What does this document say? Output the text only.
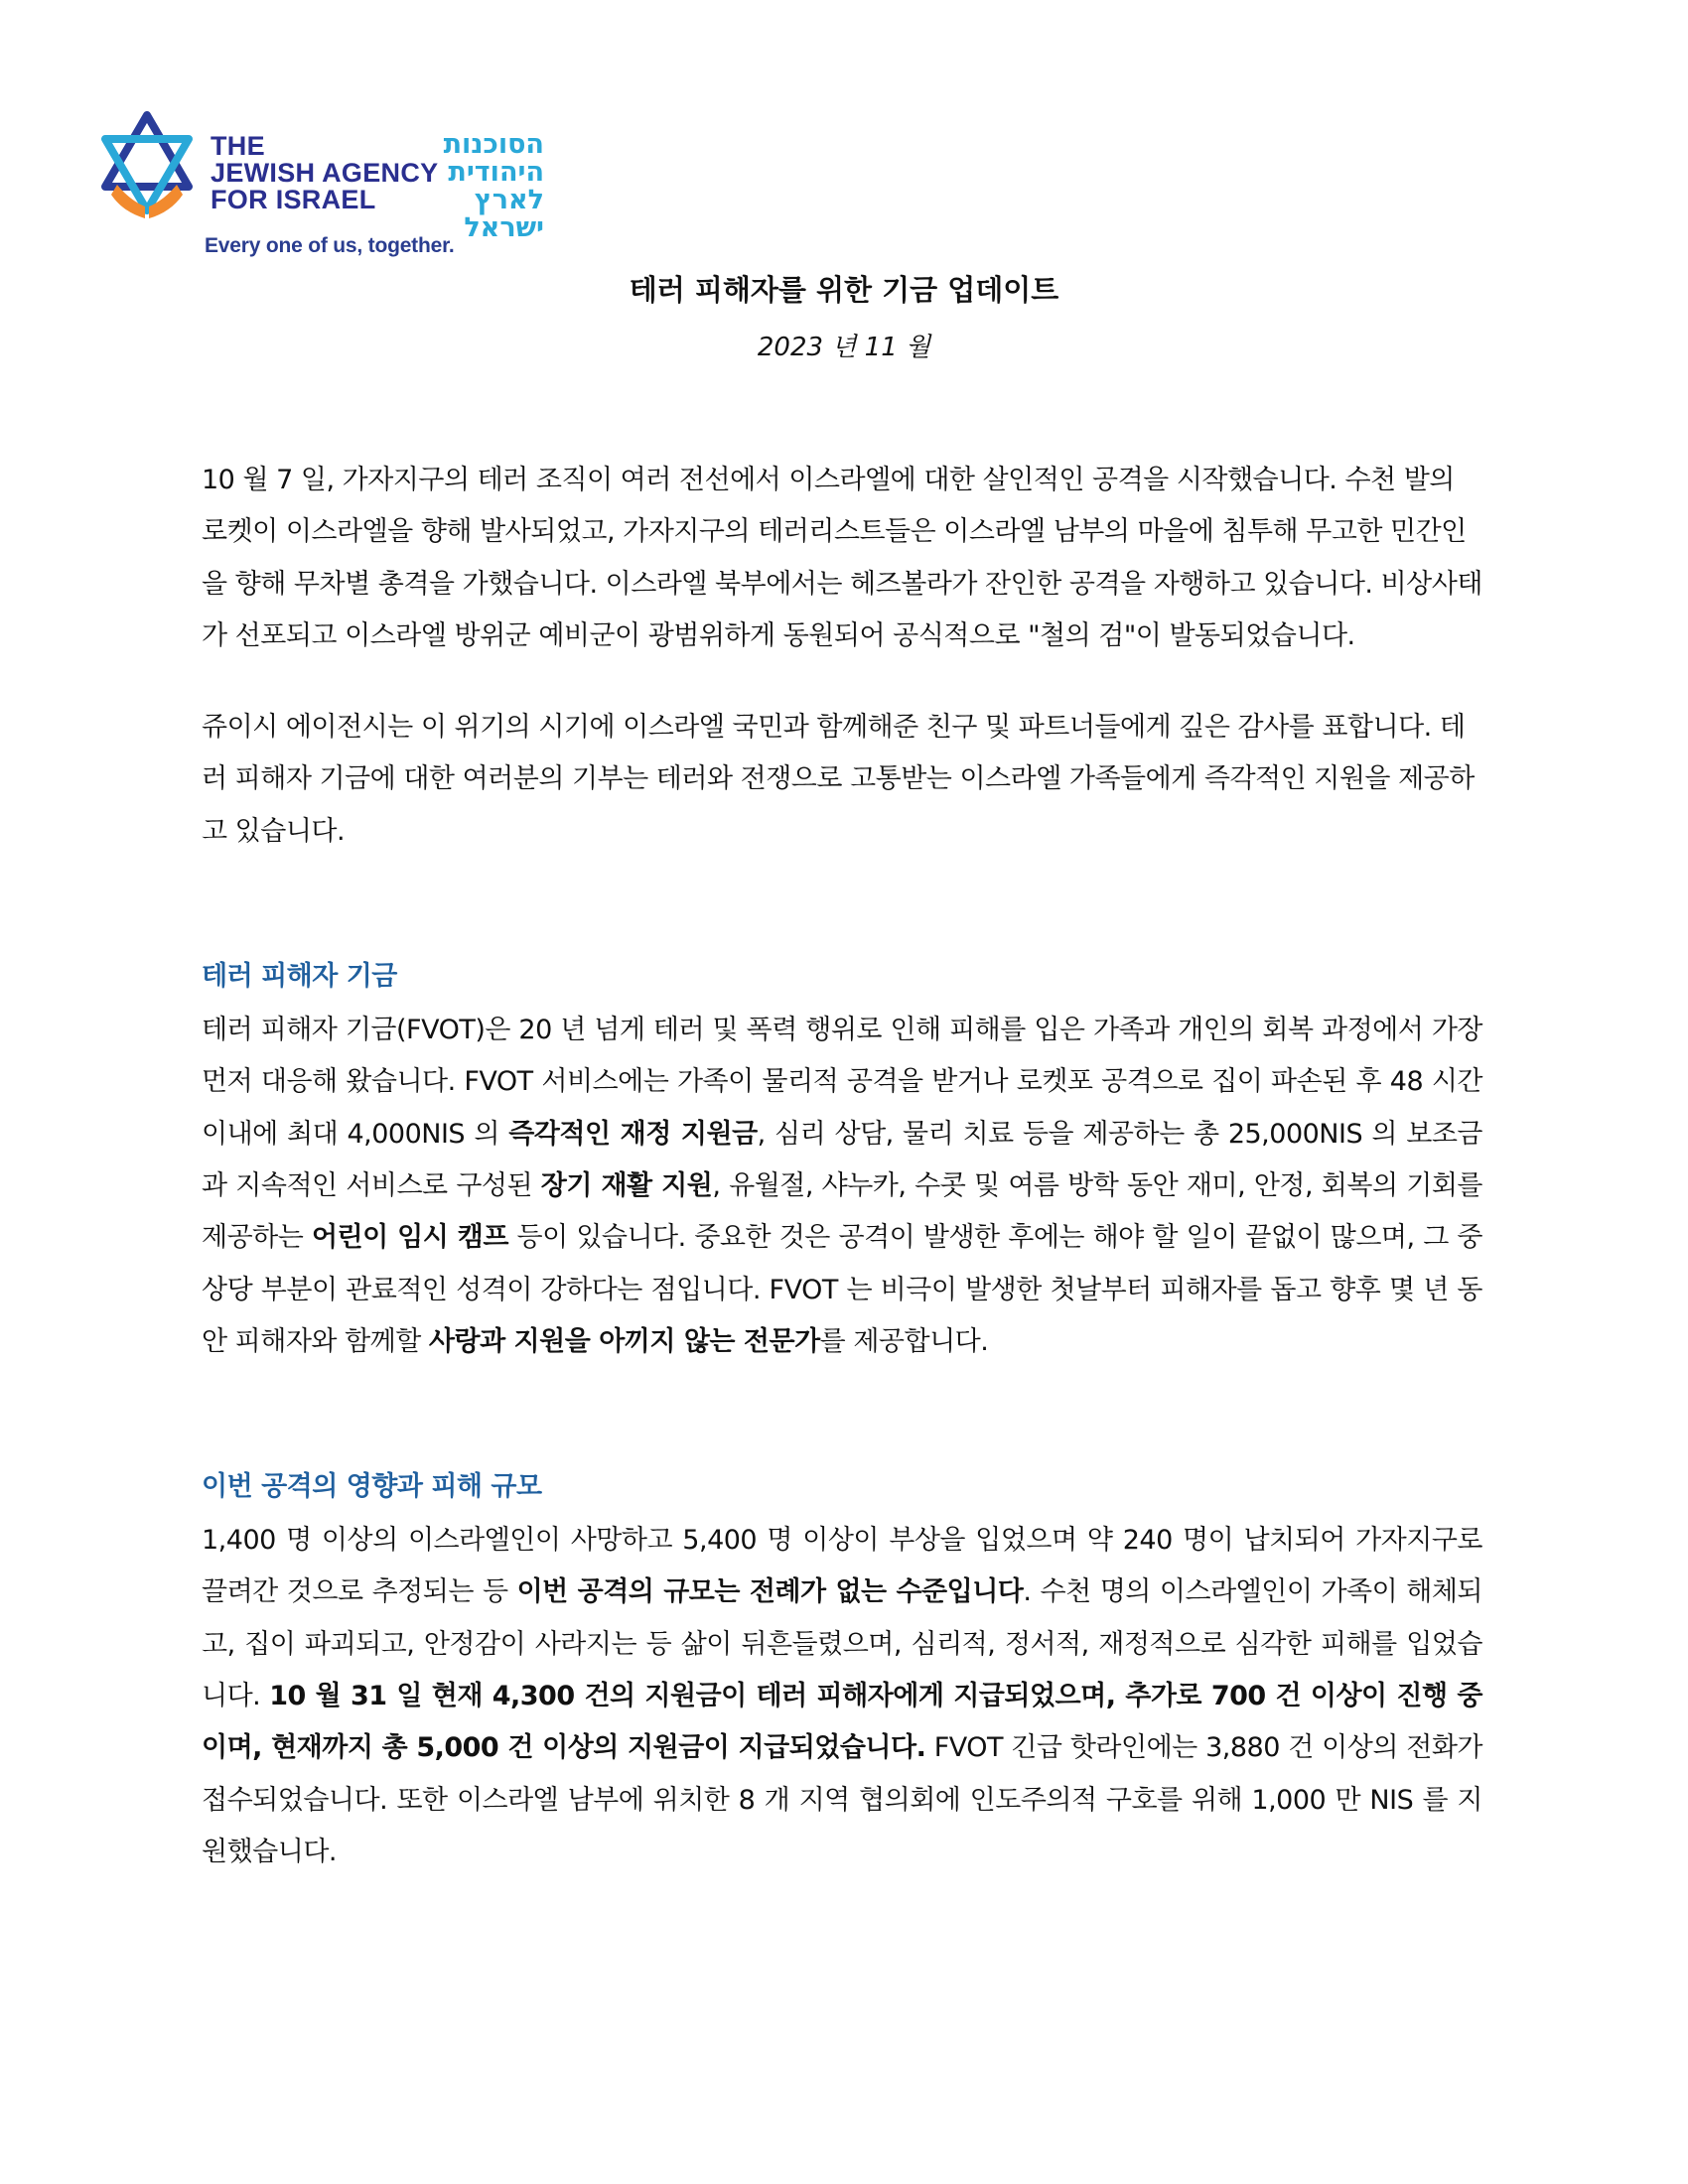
THE
JEWISH AGENCY
FOR ISRAEL
הסוכנות היהודית
לארץ
ישראל
Every one of us, together.
테러 피해자를 위한 기금 업데이트
2023 년 11 월

10 월 7 일, 가자지구의 테러 조직이 여러 전선에서 이스라엘에 대한 살인적인 공격을 시작했습니다. 수천 발의 로켓이 이스라엘을 향해 발사되었고, 가자지구의 테러리스트들은 이스라엘 남부의 마을에 침투해 무고한 민간인을 향해 무차별 총격을 가했습니다. 이스라엘 북부에서는 헤즈볼라가 잔인한 공격을 자행하고 있습니다. 비상사태가 선포되고 이스라엘 방위군 예비군이 광범위하게 동원되어 공식적으로 "철의 검"이 발동되었습니다.

쥬이시 에이전시는 이 위기의 시기에 이스라엘 국민과 함께해준 친구 및 파트너들에게 깊은 감사를 표합니다. 테러 피해자 기금에 대한 여러분의 기부는 테러와 전쟁으로 고통받는 이스라엘 가족들에게 즉각적인 지원을 제공하고 있습니다.

테러 피해자 기금

테러 피해자 기금(FVOT)은 20 년 넘게 테러 및 폭력 행위로 인해 피해를 입은 가족과 개인의 회복 과정에서 가장 먼저 대응해 왔습니다. FVOT 서비스에는 가족이 물리적 공격을 받거나 로켓포 공격으로 집이 파손된 후 48 시간 이내에 최대 4,000NIS 의 즉각적인 재정 지원금, 심리 상담, 물리 치료 등을 제공하는 총 25,000NIS 의 보조금과 지속적인 서비스로 구성된 장기 재활 지원, 유월절, 샤누카, 수콧 및 여름 방학 동안 재미, 안정, 회복의 기회를 제공하는 어린이 임시 캠프 등이 있습니다. 중요한 것은 공격이 발생한 후에는 해야 할 일이 끝없이 많으며, 그 중 상당 부분이 관료적인 성격이 강하다는 점입니다. FVOT 는 비극이 발생한 첫날부터 피해자를 돕고 향후 몇 년 동안 피해자와 함께할 사랑과 지원을 아끼지 않는 전문가를 제공합니다.

이번 공격의 영향과 피해 규모

1,400 명 이상의 이스라엘인이 사망하고 5,400 명 이상이 부상을 입었으며 약 240 명이 납치되어 가자지구로 끌려간 것으로 추정되는 등 이번 공격의 규모는 전례가 없는 수준입니다. 수천 명의 이스라엘인이 가족이 해체되고, 집이 파괴되고, 안정감이 사라지는 등 삶이 뒤흔들렸으며, 심리적, 정서적, 재정적으로 심각한 피해를 입었습니다. 10 월 31 일 현재 4,300 건의 지원금이 테러 피해자에게 지급되었으며, 추가로 700 건 이상이 진행 중이며, 현재까지 총 5,000 건 이상의 지원금이 지급되었습니다. FVOT 긴급 핫라인에는 3,880 건 이상의 전화가 접수되었습니다. 또한 이스라엘 남부에 위치한 8 개 지역 협의회에 인도주의적 구호를 위해 1,000 만 NIS 를 지원했습니다.
